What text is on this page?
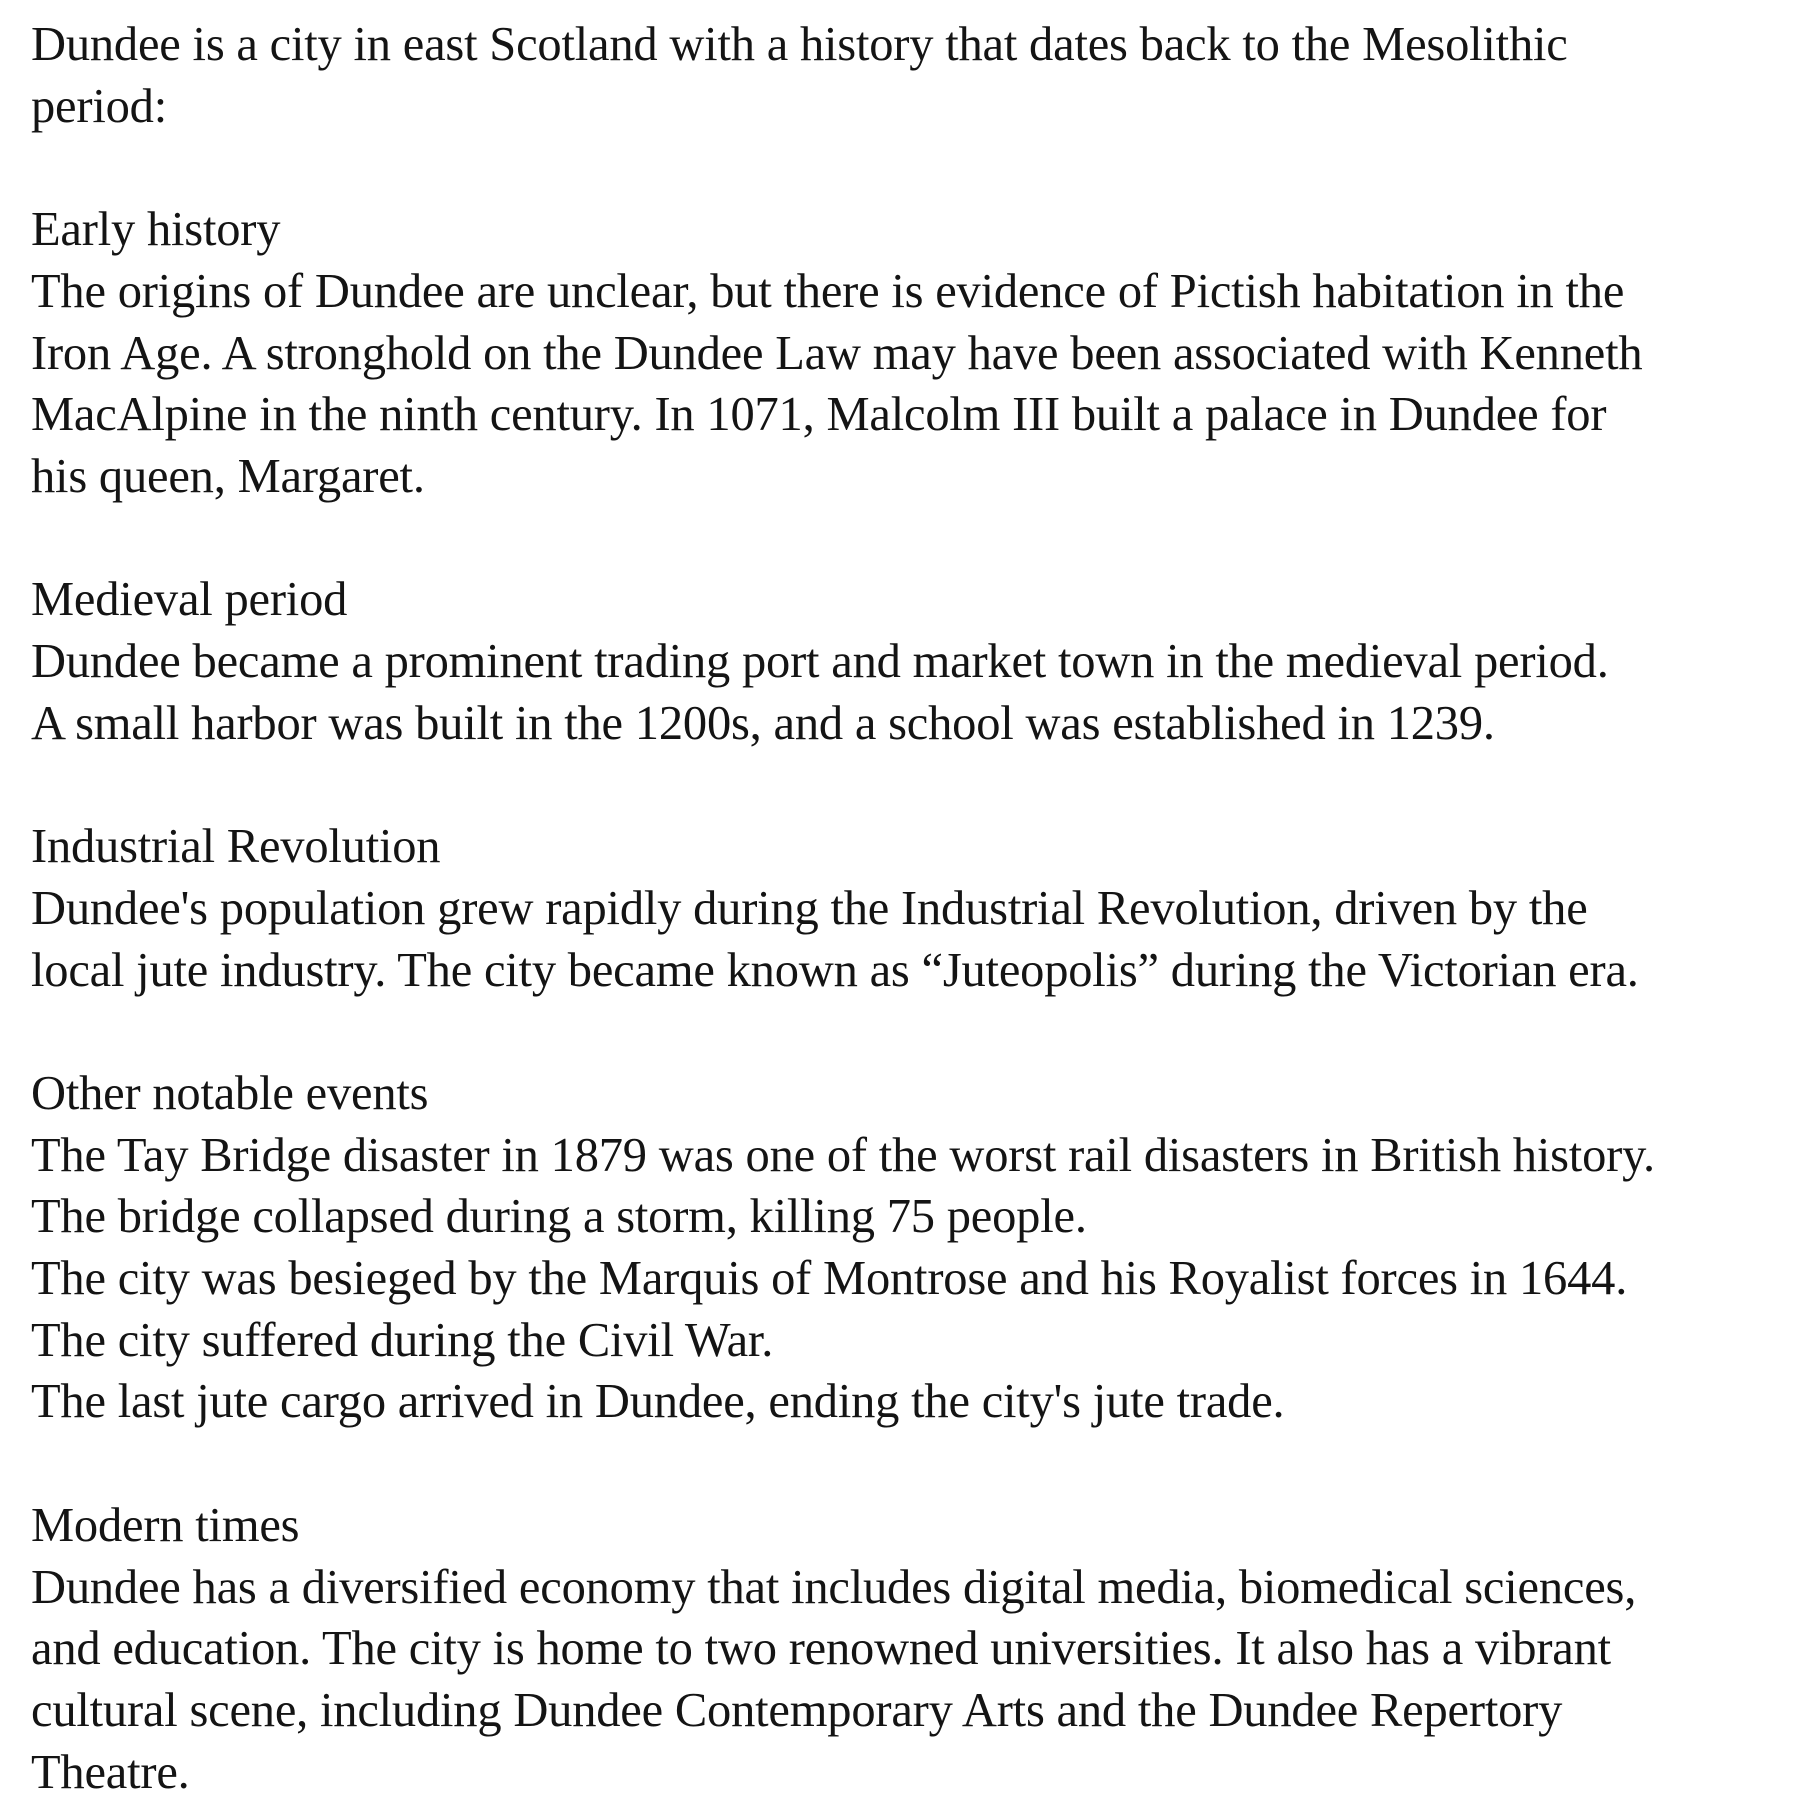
Dundee is a city in east Scotland with a history that dates back to the Mesolithic
period:
Early history
The origins of Dundee are unclear, but there is evidence of Pictish habitation in the
Iron Age. A stronghold on the Dundee Law may have been associated with Kenneth
MacAlpine in the ninth century. In 1071, Malcolm III built a palace in Dundee for
his queen, Margaret.
Medieval period
Dundee became a prominent trading port and market town in the medieval period.
A small harbor was built in the 1200s, and a school was established in 1239.
Industrial Revolution
Dundee's population grew rapidly during the Industrial Revolution, driven by the
local jute industry. The city became known as “Juteopolis” during the Victorian era.
Other notable events
The Tay Bridge disaster in 1879 was one of the worst rail disasters in British history.
The bridge collapsed during a storm, killing 75 people.
The city was besieged by the Marquis of Montrose and his Royalist forces in 1644.
The city suffered during the Civil War.
The last jute cargo arrived in Dundee, ending the city's jute trade.
Modern times
Dundee has a diversified economy that includes digital media, biomedical sciences,
and education. The city is home to two renowned universities. It also has a vibrant
cultural scene, including Dundee Contemporary Arts and the Dundee Repertory
Theatre.
